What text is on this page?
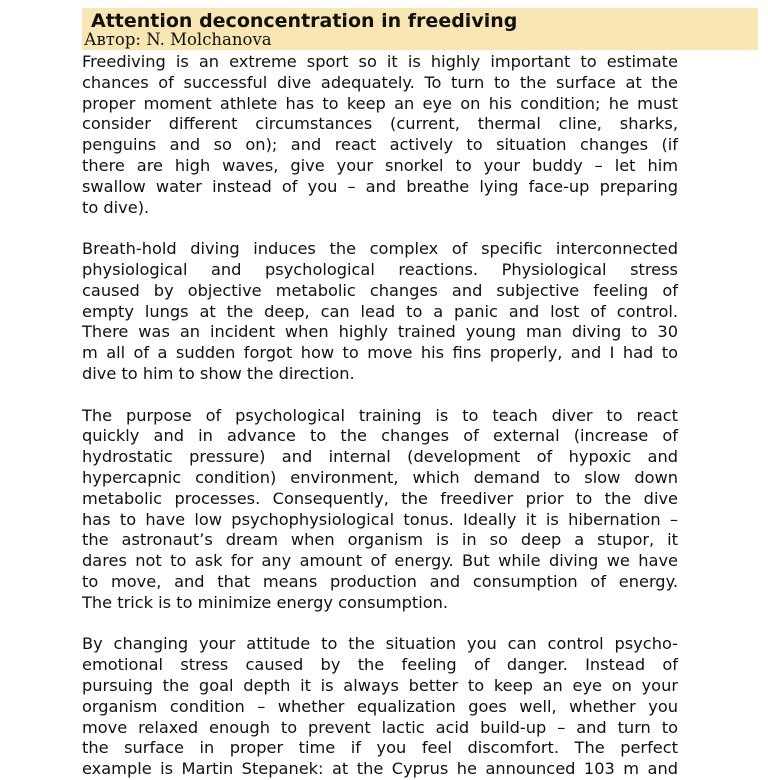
Attention deconcentration in freediving
Автор: N. Molchanova
Freediving is an extreme sport so it is highly important to estimate
chances of successful dive adequately. To turn to the surface at the
proper moment athlete has to keep an eye on his condition; he must
consider different circumstances (current, thermal cline, sharks,
penguins and so on); and react actively to situation changes (if
there are high waves, give your snorkel to your buddy – let him
swallow water instead of you – and breathe lying face-up preparing
to dive).
Breath-hold diving induces the complex of specific interconnected
physiological and psychological reactions. Physiological stress
caused by objective metabolic changes and subjective feeling of
empty lungs at the deep, can lead to a panic and lost of control.
There was an incident when highly trained young man diving to 30
m all of a sudden forgot how to move his fins properly, and I had to
dive to him to show the direction.
The purpose of psychological training is to teach diver to react
quickly and in advance to the changes of external (increase of
hydrostatic pressure) and internal (development of hypoxic and
hypercapnic condition) environment, which demand to slow down
metabolic processes. Consequently, the freediver prior to the dive
has to have low psychophysiological tonus. Ideally it is hibernation –
the astronaut’s dream when organism is in so deep a stupor, it
dares not to ask for any amount of energy. But while diving we have
to move, and that means production and consumption of energy.
The trick is to minimize energy consumption.
By changing your attitude to the situation you can control psycho-
emotional stress caused by the feeling of danger. Instead of
pursuing the goal depth it is always better to keep an eye on your
organism condition – whether equalization goes well, whether you
move relaxed enough to prevent lactic acid build-up – and turn to
the surface in proper time if you feel discomfort. The perfect
example is Martin Stepanek: at the Cyprus he announced 103 m and
